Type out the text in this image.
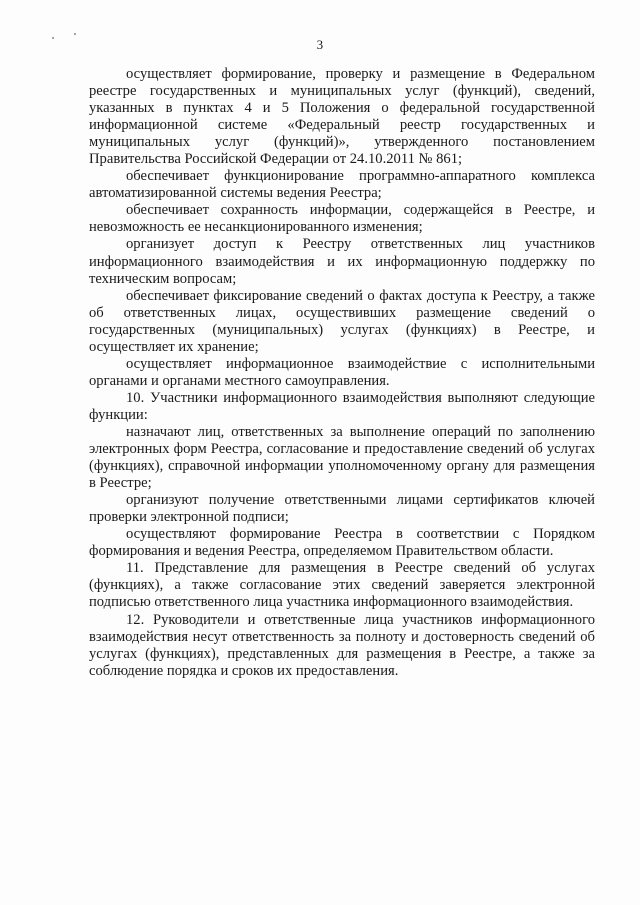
3

осуществляет формирование, проверку и размещение в Федеральном реестре государственных и муниципальных услуг (функций), сведений, указанных в пунктах 4 и 5 Положения о федеральной государственной информационной системе «Федеральный реестр государственных и муниципальных услуг (функций)», утвержденного постановлением Правительства Российской Федерации от 24.10.2011 № 861;

обеспечивает функционирование программно-аппаратного комплекса автоматизированной системы ведения Реестра;

обеспечивает сохранность информации, содержащейся в Реестре, и невозможность ее несанкционированного изменения;

организует доступ к Реестру ответственных лиц участников информационного взаимодействия и их информационную поддержку по техническим вопросам;

обеспечивает фиксирование сведений о фактах доступа к Реестру, а также об ответственных лицах, осуществивших размещение сведений о государственных (муниципальных) услугах (функциях) в Реестре, и осуществляет их хранение;

осуществляет информационное взаимодействие с исполнительными органами и органами местного самоуправления.

10. Участники информационного взаимодействия выполняют следующие функции:

назначают лиц, ответственных за выполнение операций по заполнению электронных форм Реестра, согласование и предоставление сведений об услугах (функциях), справочной информации уполномоченному органу для размещения в Реестре;

организуют получение ответственными лицами сертификатов ключей проверки электронной подписи;

осуществляют формирование Реестра в соответствии с Порядком формирования и ведения Реестра, определяемом Правительством области.

11. Представление для размещения в Реестре сведений об услугах (функциях), а также согласование этих сведений заверяется электронной подписью ответственного лица участника информационного взаимодействия.

12. Руководители и ответственные лица участников информационного взаимодействия несут ответственность за полноту и достоверность сведений об услугах (функциях), представленных для размещения в Реестре, а также за соблюдение порядка и сроков их предоставления.
